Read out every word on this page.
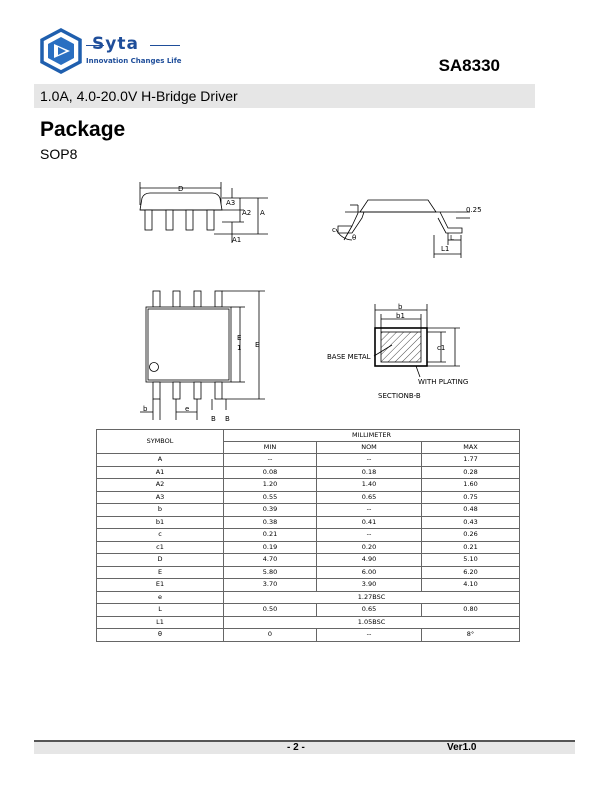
Syta
Innovation Changes Life	SA8330
1.0A, 4.0-20.0V H-Bridge Driver
Package
SOP8
D
A3
A2 A
A1
0.25
c
θ	L
L1
E
1 E
b
b1
c1
BASE METAL
WITH PLATING
SECTIONB-B
b	e
B B
SYMBOL	MILLIMETER		
	MIN	NOM	MAX
A	--	--	1.77
A1	0.08	0.18	0.28
A2	1.20	1.40	1.60
A3	0.55	0.65	0.75
b	0.39	--	0.48
b1	0.38	0.41	0.43
c	0.21	--	0.26
c1	0.19	0.20	0.21
D	4.70	4.90	5.10
E	5.80	6.00	6.20
E1	3.70	3.90	4.10
e	1.27BSC		
L	0.50	0.65	0.80
L1	1.05BSC		
θ	0	--	8°
- 2 -	Ver1.0
